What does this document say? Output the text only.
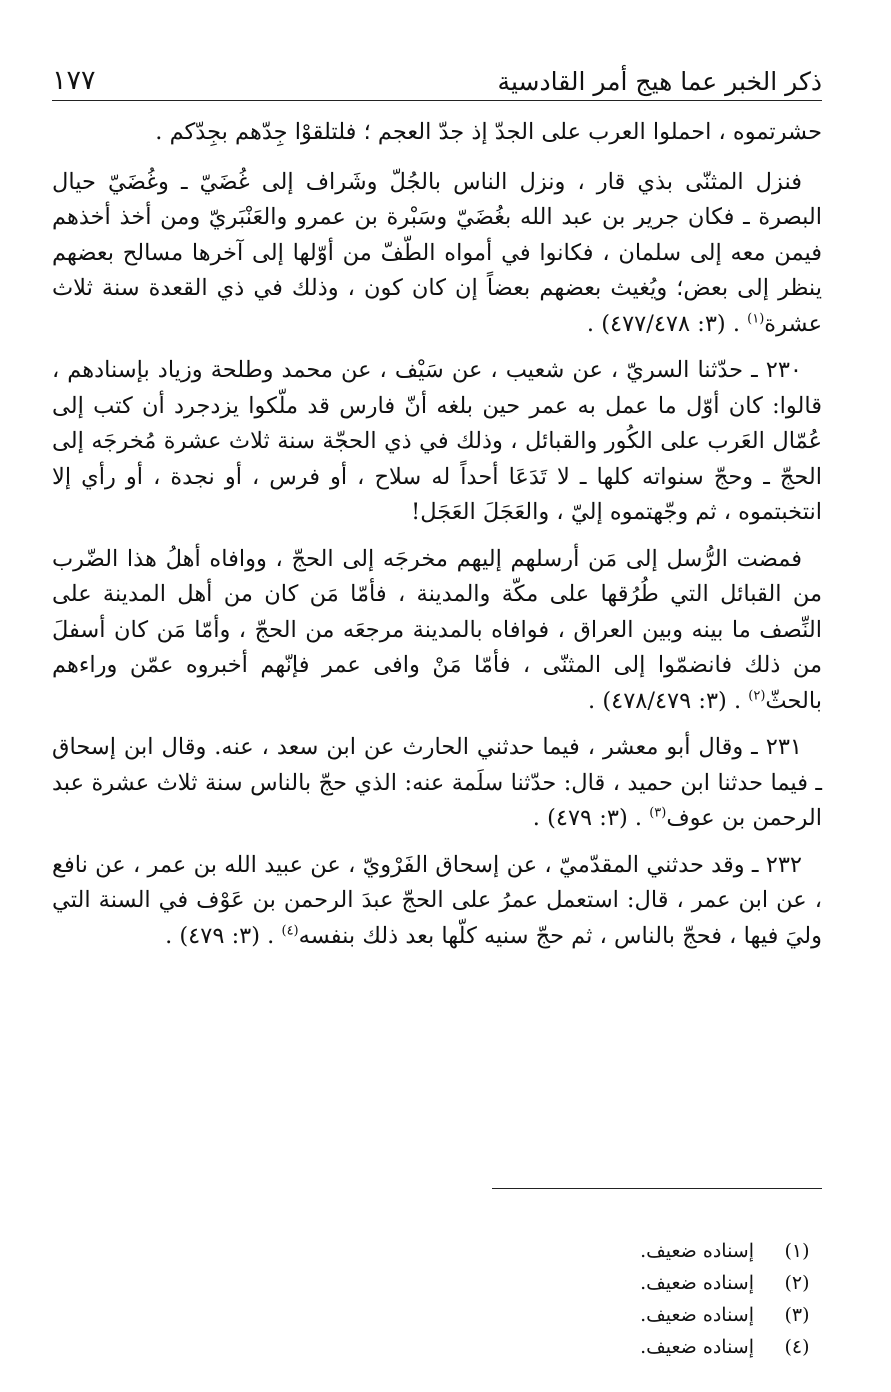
ذكر الخبر عما هيج أمر القادسية
١٧٧

حشرتموه ، احملوا العرب على الجدّ إذ جدّ العجم ؛ فلتلقوْا جِدّهم بجِدّكم .

فنزل المثنّى بذي قار ، ونزل الناس بالجُلّ وشَراف إلى غُضَيّ ـ وغُضَيّ حيال البصرة ـ فكان جرير بن عبد الله بغُضَيّ وسَبْرة بن عمرو والعَنْبَريّ ومن أخذ أخذهم فيمن معه إلى سلمان ، فكانوا في أمواه الطّفّ من أوّلها إلى آخرها مسالح بعضهم ينظر إلى بعض؛ ويُغيث بعضهم بعضاً إن كان كون ، وذلك في ذي القعدة سنة ثلاث عشرة$^{(١)}$ . (٣: ٤٧٧/٤٧٨) .

٢٣٠ ـ حدّثنا السريّ ، عن شعيب ، عن سَيْف ، عن محمد وطلحة وزياد بإسنادهم ، قالوا: كان أوّل ما عمل به عمر حين بلغه أنّ فارس قد ملّكوا يزدجرد أن كتب إلى عُمّال العَرب على الكُور والقبائل ، وذلك في ذي الحجّة سنة ثلاث عشرة مُخرجَه إلى الحجّ ـ وحجّ سنواته كلها ـ لا تَدَعَا أحداً له سلاح ، أو فرس ، أو نجدة ، أو رأي إلا انتخبتموه ، ثم وجّهتموه إليّ ، والعَجَلَ العَجَل!

فمضت الرُّسل إلى مَن أرسلهم إليهم مخرجَه إلى الحجّ ، ووافاه أهلُ هذا الضّرب من القبائل التي طُرُقها على مكّة والمدينة ، فأمّا مَن كان من أهل المدينة على النِّصف ما بينه وبين العراق ، فوافاه بالمدينة مرجعَه من الحجّ ، وأمّا مَن كان أسفلَ من ذلك فانضمّوا إلى المثنّى ، فأمّا مَنْ وافى عمر فإنّهم أخبروه عمّن وراءهم بالحثّ$^{(٢)}$ . (٣: ٤٧٨/٤٧٩) .

٢٣١ ـ وقال أبو معشر ، فيما حدثني الحارث عن ابن سعد ، عنه. وقال ابن إسحاق ـ فيما حدثنا ابن حميد ، قال: حدّثنا سلَمة عنه: الذي حجّ بالناس سنة ثلاث عشرة عبد الرحمن بن عوف$^{(٣)}$ . (٣: ٤٧٩) .

٢٣٢ ـ وقد حدثني المقدّميّ ، عن إسحاق الفَرْويّ ، عن عبيد الله بن عمر ، عن نافع ، عن ابن عمر ، قال: استعمل عمرُ على الحجّ عبدَ الرحمن بن عَوْف في السنة التي وليَ فيها ، فحجّ بالناس ، ثم حجّ سنيه كلّها بعد ذلك بنفسه$^{(٤)}$ . (٣: ٤٧٩) .

(١)
إسناده ضعيف.
(٢)
إسناده ضعيف.
(٣)
إسناده ضعيف.
(٤)
إسناده ضعيف.
